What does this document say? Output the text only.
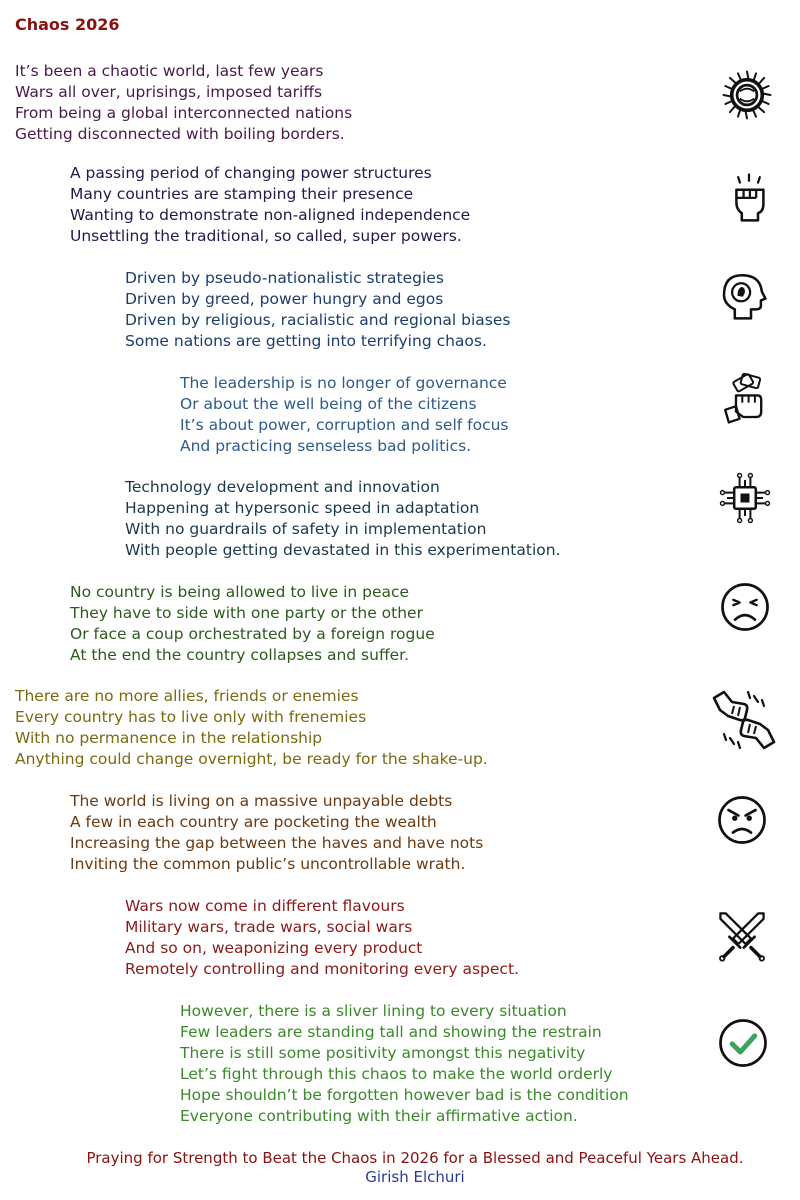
Chaos 2026
It’s been a chaotic world, last few years
Wars all over, uprisings, imposed tariffs
From being a global interconnected nations
Getting disconnected with boiling borders.
A passing period of changing power structures
Many countries are stamping their presence
Wanting to demonstrate non-aligned independence
Unsettling the traditional, so called, super powers.
Driven by pseudo-nationalistic strategies
Driven by greed, power hungry and egos
Driven by religious, racialistic and regional biases
Some nations are getting into terrifying chaos.
The leadership is no longer of governance
Or about the well being of the citizens
It’s about power, corruption and self focus
And practicing senseless bad politics.
Technology development and innovation
Happening at hypersonic speed in adaptation
With no guardrails of safety in implementation
With people getting devastated in this experimentation.
No country is being allowed to live in peace
They have to side with one party or the other
Or face a coup orchestrated by a foreign rogue
At the end the country collapses and suffer.
There are no more allies, friends or enemies
Every country has to live only with frenemies
With no permanence in the relationship
Anything could change overnight, be ready for the shake-up.
The world is living on a massive unpayable debts
A few in each country are pocketing the wealth
Increasing the gap between the haves and have nots
Inviting the common public’s uncontrollable wrath.
Wars now come in different flavours
Military wars, trade wars, social wars
And so on, weaponizing every product
Remotely controlling and monitoring every aspect.
However, there is a sliver lining to every situation
Few leaders are standing tall and showing the restrain
There is still some positivity amongst this negativity
Let’s fight through this chaos to make the world orderly
Hope shouldn’t be forgotten however bad is the condition
Everyone contributing with their affirmative action.
Praying for Strength to Beat the Chaos in 2026 for a Blessed and Peaceful Years Ahead.
Girish Elchuri
